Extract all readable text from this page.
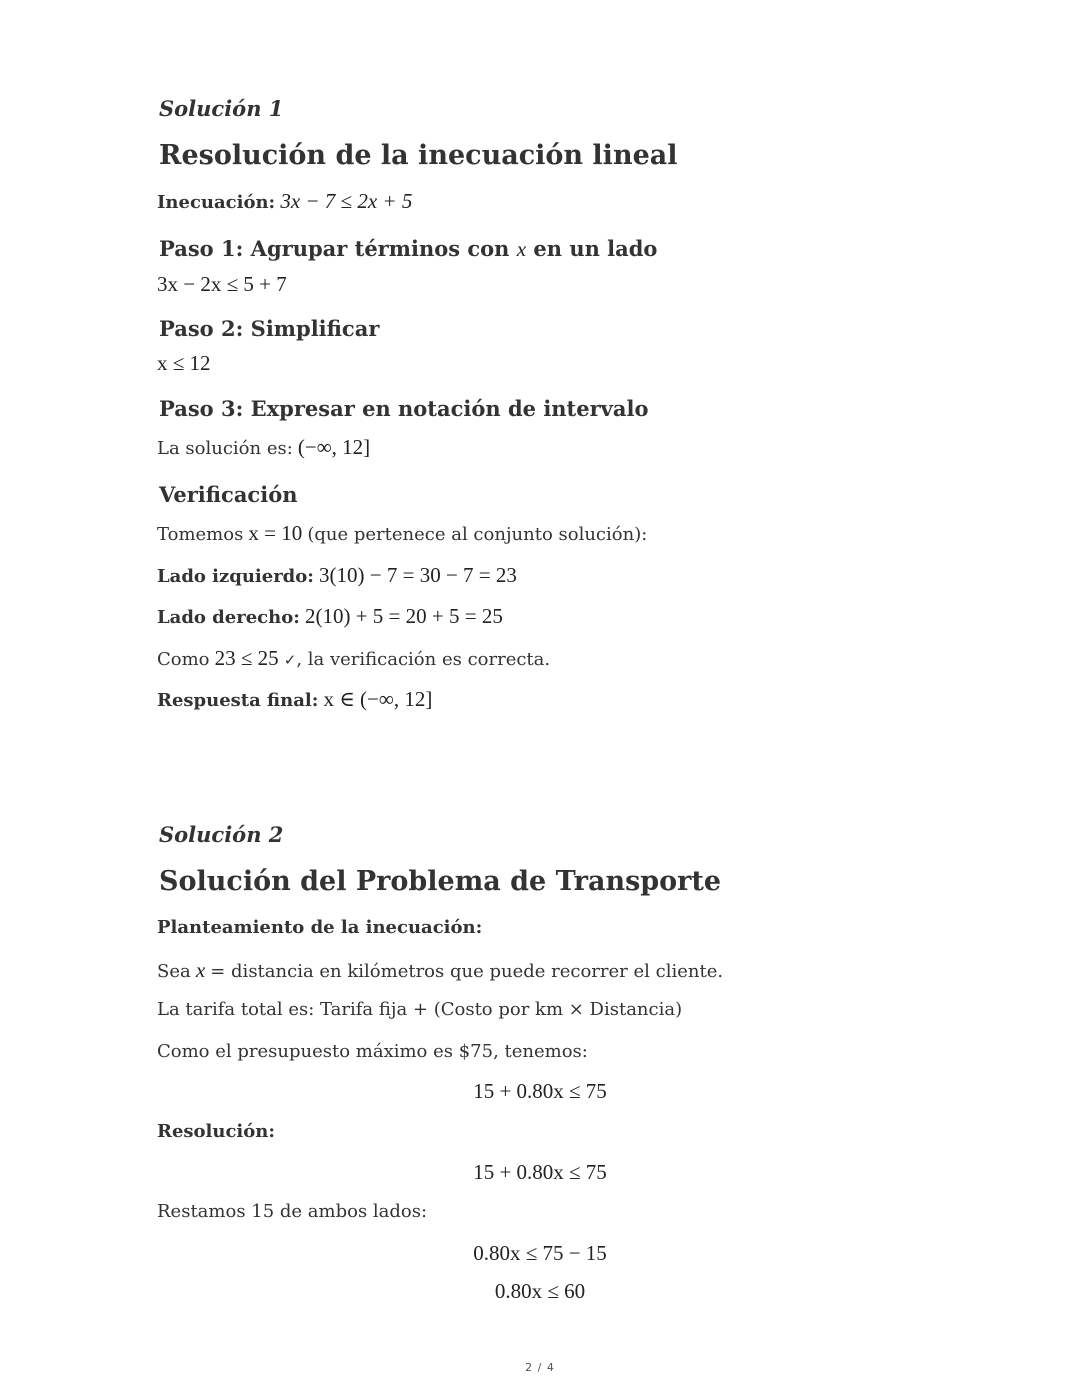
Solución 1
Resolución de la inecuación lineal
Inecuación: 3x − 7 ≤ 2x + 5
Paso 1: Agrupar términos con x en un lado
3x − 2x ≤ 5 + 7
Paso 2: Simplificar
x ≤ 12
Paso 3: Expresar en notación de intervalo
La solución es: (−∞, 12]
Verificación
Tomemos x = 10 (que pertenece al conjunto solución):
Lado izquierdo: 3(10) − 7 = 30 − 7 = 23
Lado derecho: 2(10) + 5 = 20 + 5 = 25
Como 23 ≤ 25 ✓, la verificación es correcta.
Respuesta final: x ∈ (−∞, 12]
Solución 2
Solución del Problema de Transporte
Planteamiento de la inecuación:
Sea x = distancia en kilómetros que puede recorrer el cliente.
La tarifa total es: Tarifa fija + (Costo por km × Distancia)
Como el presupuesto máximo es $75, tenemos:
15 + 0.80x ≤ 75
Resolución:
15 + 0.80x ≤ 75
Restamos 15 de ambos lados:
0.80x ≤ 75 − 15
0.80x ≤ 60
2 / 4
